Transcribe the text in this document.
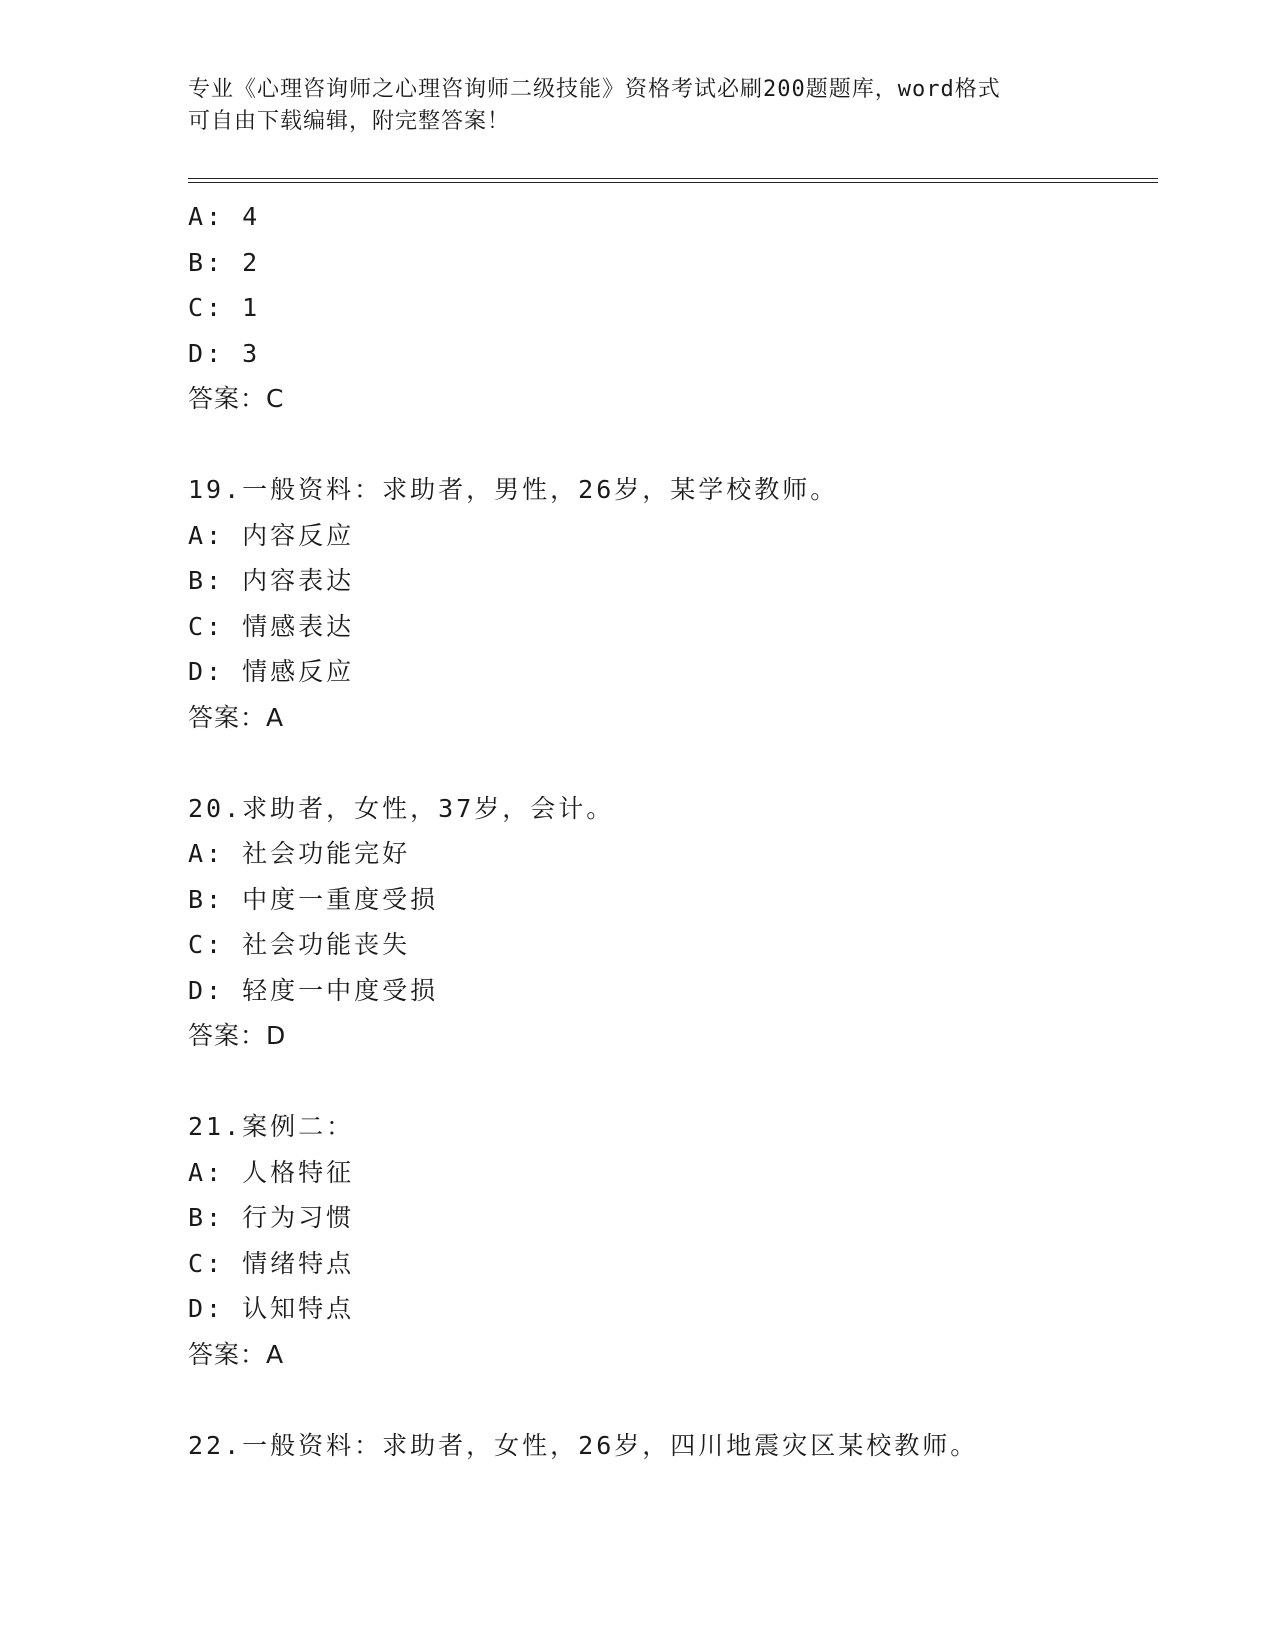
专业《心理咨询师之心理咨询师二级技能》资格考试必刷200题题库，word格式
可自由下载编辑，附完整答案！
A: 4
B: 2
C: 1
D: 3
答案：C
19.一般资料：求助者，男性，26岁，某学校教师。
A: 内容反应
B: 内容表达
C: 情感表达
D: 情感反应
答案：A
20.求助者，女性，37岁，会计。
A: 社会功能完好
B: 中度一重度受损
C: 社会功能丧失
D: 轻度一中度受损
答案：D
21.案例二：
A: 人格特征
B: 行为习惯
C: 情绪特点
D: 认知特点
答案：A
22.一般资料：求助者，女性，26岁，四川地震灾区某校教师。
